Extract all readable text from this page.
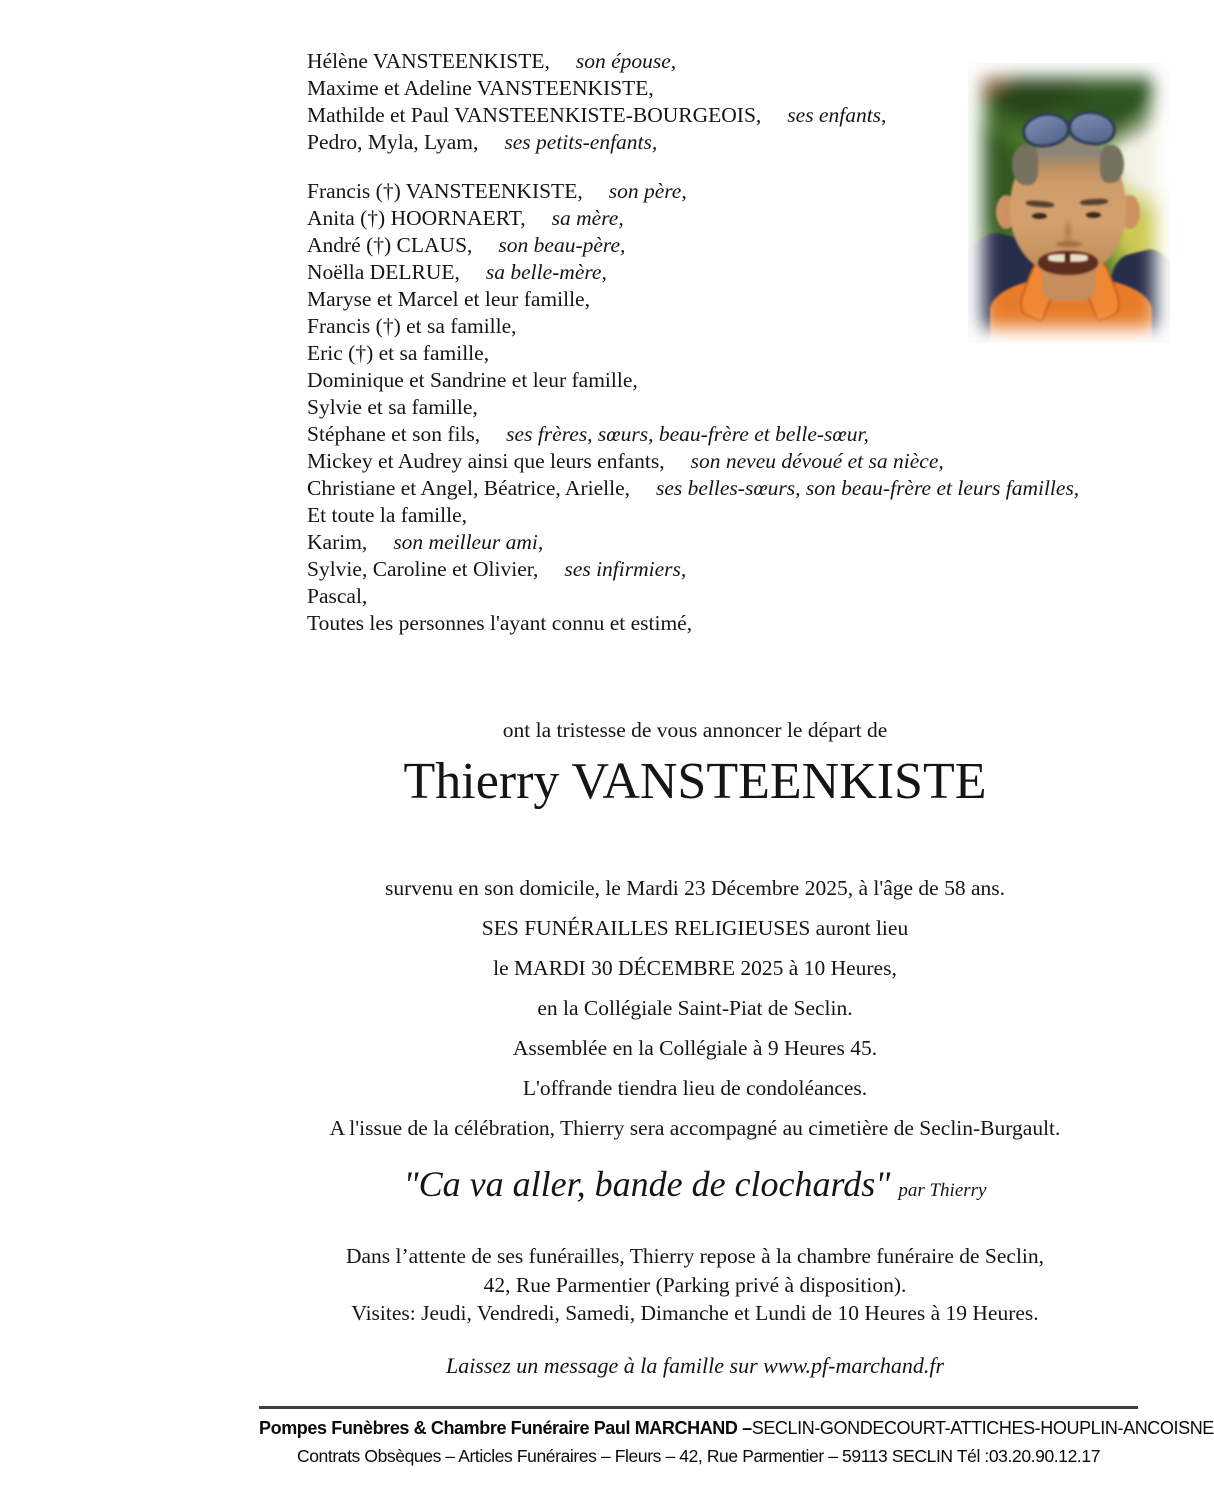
Hélène VANSTEENKISTE, son épouse,
Maxime et Adeline VANSTEENKISTE,
Mathilde et Paul VANSTEENKISTE-BOURGEOIS, ses enfants,
Pedro, Myla, Lyam, ses petits-enfants,
Francis (†) VANSTEENKISTE, son père,
Anita (†) HOORNAERT, sa mère,
André (†) CLAUS, son beau-père,
Noëlla DELRUE, sa belle-mère,
Maryse et Marcel et leur famille,
Francis (†) et sa famille,
Eric (†) et sa famille,
Dominique et Sandrine et leur famille,
Sylvie et sa famille,
Stéphane et son fils, ses frères, sœurs, beau-frère et belle-sœur,
Mickey et Audrey ainsi que leurs enfants, son neveu dévoué et sa nièce,
Christiane et Angel, Béatrice, Arielle, ses belles-sœurs, son beau-frère et leurs familles,
Et toute la famille,
Karim, son meilleur ami,
Sylvie, Caroline et Olivier, ses infirmiers,
Pascal,
Toutes les personnes l'ayant connu et estimé,
ont la tristesse de vous annoncer le départ de
Thierry VANSTEENKISTE
survenu en son domicile, le Mardi 23 Décembre 2025, à l'âge de 58 ans.
SES FUNÉRAILLES RELIGIEUSES auront lieu
le MARDI 30 DÉCEMBRE 2025 à 10 Heures,
en la Collégiale Saint-Piat de Seclin.
Assemblée en la Collégiale à 9 Heures 45.
L'offrande tiendra lieu de condoléances.
A l'issue de la célébration, Thierry sera accompagné au cimetière de Seclin-Burgault.
"Ca va aller, bande de clochards" par Thierry
Dans l’attente de ses funérailles, Thierry repose à la chambre funéraire de Seclin,
42, Rue Parmentier (Parking privé à disposition).
Visites: Jeudi, Vendredi, Samedi, Dimanche et Lundi de 10 Heures à 19 Heures.
Laissez un message à la famille sur www.pf-marchand.fr
Pompes Funèbres & Chambre Funéraire Paul MARCHAND –SECLIN-GONDECOURT-ATTICHES-HOUPLIN-ANCOISNE
Contrats Obsèques – Articles Funéraires – Fleurs – 42, Rue Parmentier – 59113 SECLIN Tél :03.20.90.12.17
